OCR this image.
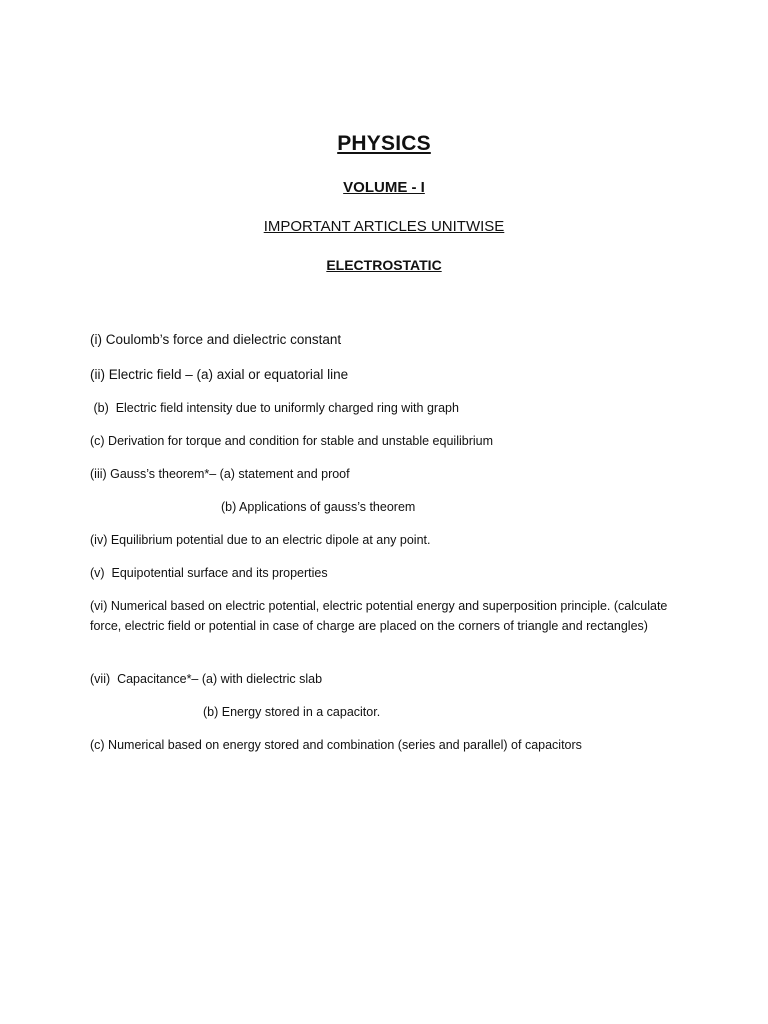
PHYSICS
VOLUME - I
IMPORTANT ARTICLES UNITWISE
ELECTROSTATIC
(i) Coulomb’s force and dielectric constant
(ii) Electric field – (a) axial or equatorial line
(b)  Electric field intensity due to uniformly charged ring with graph
(c) Derivation for torque and condition for stable and unstable equilibrium
(iii) Gauss’s theorem*– (a) statement and proof
(b) Applications of gauss’s theorem
(iv) Equilibrium potential due to an electric dipole at any point.
(v)  Equipotential surface and its properties
(vi) Numerical based on electric potential, electric potential energy and superposition principle. (calculate force, electric field or potential in case of charge are placed on the corners of triangle and rectangles)
(vii)  Capacitance*– (a) with dielectric slab
(b) Energy stored in a capacitor.
(c) Numerical based on energy stored and combination (series and parallel) of capacitors
